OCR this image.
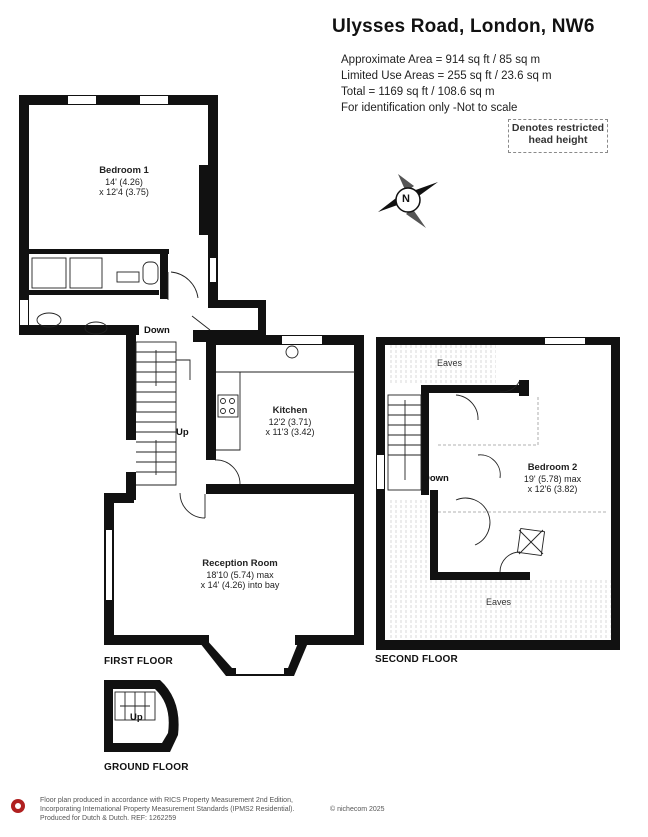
Ulysses Road, London, NW6
Approximate Area = 914 sq ft / 85 sq m
Limited Use Areas = 255 sq ft / 23.6 sq m
Total = 1169 sq ft / 108.6 sq m
For identification only -Not to scale
Denotes restricted head height
N
Bedroom 1
14' (4.26)
x 12'4 (3.75)
Kitchen
12'2 (3.71)
x 11'3 (3.42)
Reception Room
18'10 (5.74) max
x 14' (4.26) into bay
Bedroom 2
19' (5.78) max
x 12'6 (3.82)
Down
Up
Down
Up
Eaves
Eaves
FIRST FLOOR	SECOND FLOOR
GROUND FLOOR
Floor plan produced in accordance with RICS Property Measurement 2nd Edition,
Incorporating International Property Measurement Standards (IPMS2 Residential).
Produced for Dutch & Dutch. REF: 1262259
© nichecom 2025
